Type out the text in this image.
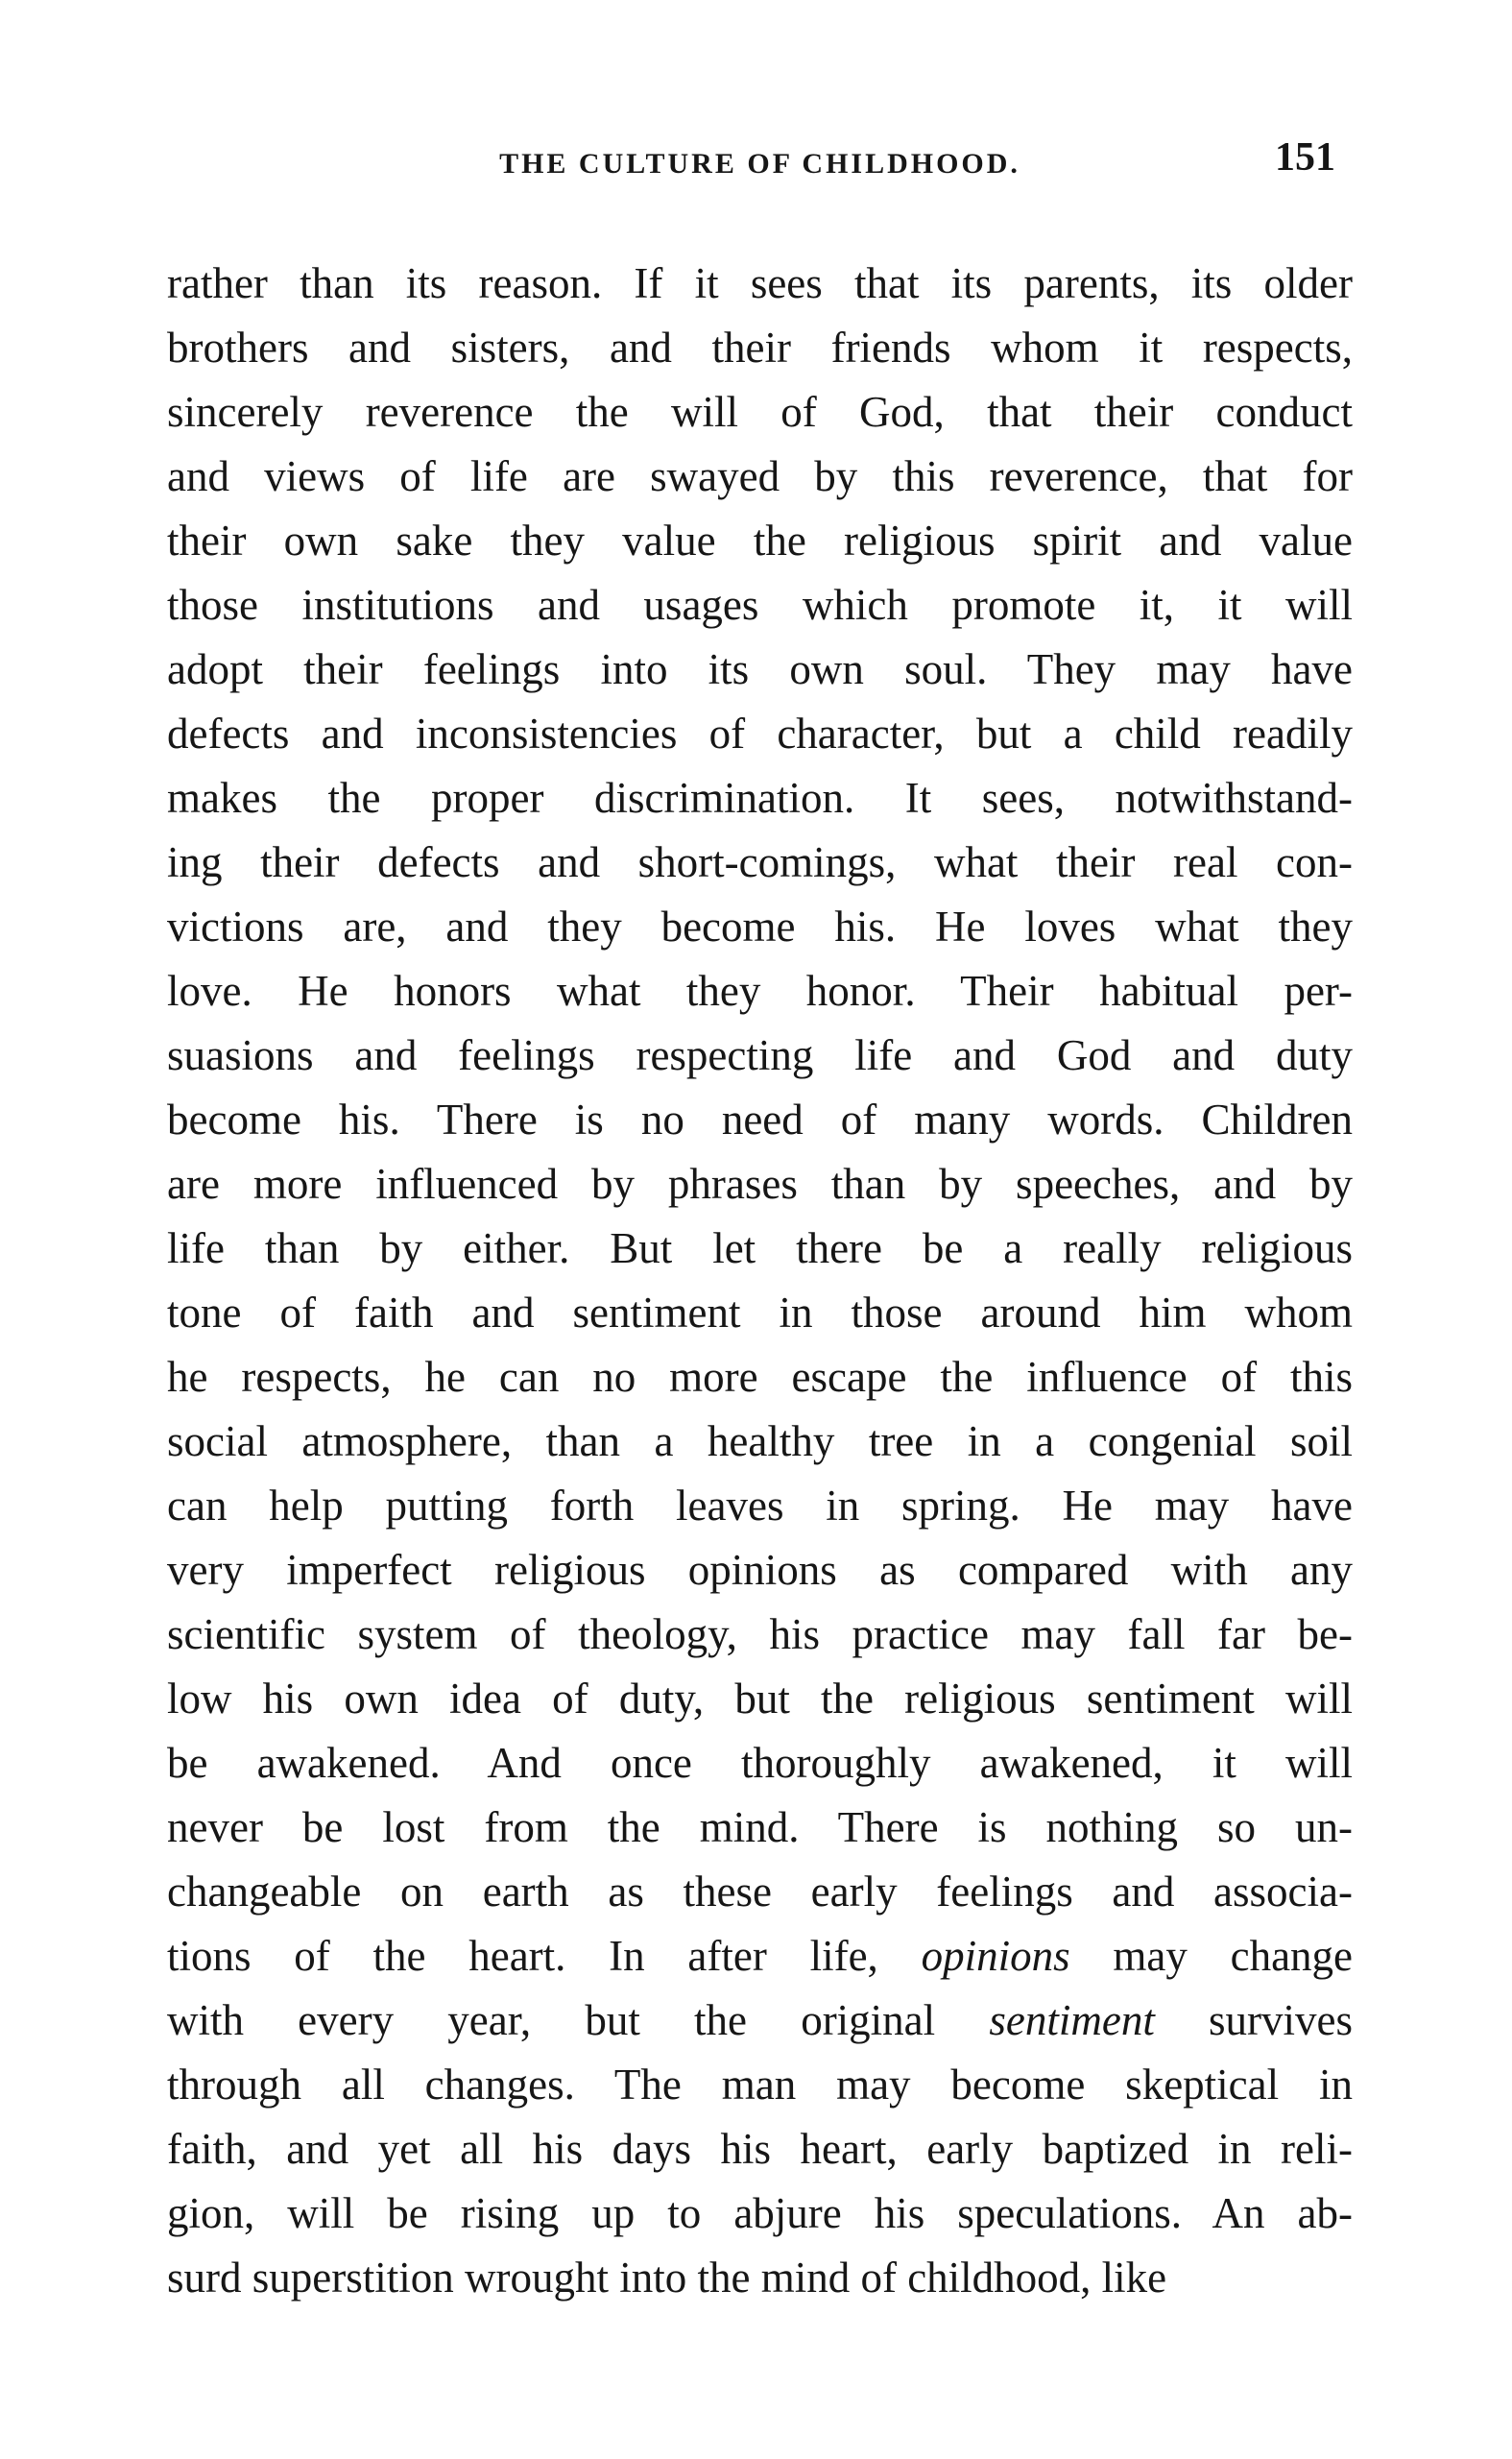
THE CULTURE OF CHILDHOOD.	151
rather than its reason. If it sees that its parents, its older
brothers and sisters, and their friends whom it respects,
sincerely reverence the will of God, that their conduct
and views of life are swayed by this reverence, that for
their own sake they value the religious spirit and value
those institutions and usages which promote it, it will
adopt their feelings into its own soul. They may have
defects and inconsistencies of character, but a child readily
makes the proper discrimination. It sees, notwithstand-
ing their defects and short-comings, what their real con-
victions are, and they become his. He loves what they
love. He honors what they honor. Their habitual per-
suasions and feelings respecting life and God and duty
become his. There is no need of many words. Children
are more influenced by phrases than by speeches, and by
life than by either. But let there be a really religious
tone of faith and sentiment in those around him whom
he respects, he can no more escape the influence of this
social atmosphere, than a healthy tree in a congenial soil
can help putting forth leaves in spring. He may have
very imperfect religious opinions as compared with any
scientific system of theology, his practice may fall far be-
low his own idea of duty, but the religious sentiment will
be awakened. And once thoroughly awakened, it will
never be lost from the mind. There is nothing so un-
changeable on earth as these early feelings and associa-
tions of the heart. In after life, opinions may change
with every year, but the original sentiment survives
through all changes. The man may become skeptical in
faith, and yet all his days his heart, early baptized in reli-
gion, will be rising up to abjure his speculations. An ab-
surd superstition wrought into the mind of childhood, like
